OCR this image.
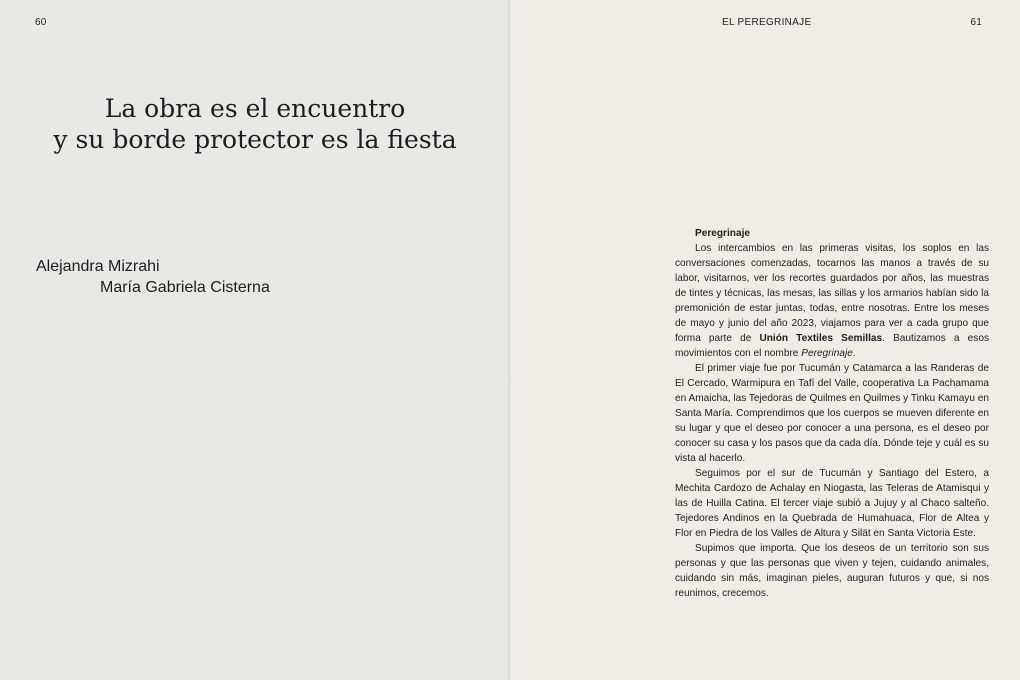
60
La obra es el encuentro
y su borde protector es la fiesta
Alejandra Mizrahi
María Gabriela Cisterna
EL PEREGRINAJE	61

Peregrinaje

Los intercambios en las primeras visitas, los soplos en las conversaciones comenzadas, tocarnos las manos a través de su labor, visitarnos, ver los recortes guardados por años, las muestras de tintes y técnicas, las mesas, las sillas y los armarios habían sido la premonición de estar juntas, todas, entre nosotras. Entre los meses de mayo y junio del año 2023, viajamos para ver a cada grupo que forma parte de Unión Textiles Semillas. Bautizamos a esos movimientos con el nombre Peregrinaje.

El primer viaje fue por Tucumán y Catamarca a las Randeras de El Cercado, Warmipura en Tafí del Valle, cooperativa La Pachamama en Amaicha, las Tejedoras de Quilmes en Quilmes y Tinku Kamayu en Santa María. Comprendimos que los cuerpos se mueven diferente en su lugar y que el deseo por conocer a una persona, es el deseo por conocer su casa y los pasos que da cada día. Dónde teje y cuál es su vista al hacerlo.

Seguimos por el sur de Tucumán y Santiago del Estero, a Mechita Cardozo de Achalay en Niogasta, las Teleras de Atamisqui y las de Huilla Catina. El tercer viaje subió a Jujuy y al Chaco salteño. Tejedores Andinos en la Quebrada de Humahuaca, Flor de Altea y Flor en Piedra de los Valles de Altura y Silät en Santa Victoria Este.

Supimos que importa. Que los deseos de un territorio son sus personas y que las personas que viven y tejen, cuidando animales, cuidando sin más, imaginan pieles, auguran futuros y que, si nos reunimos, crecemos.
